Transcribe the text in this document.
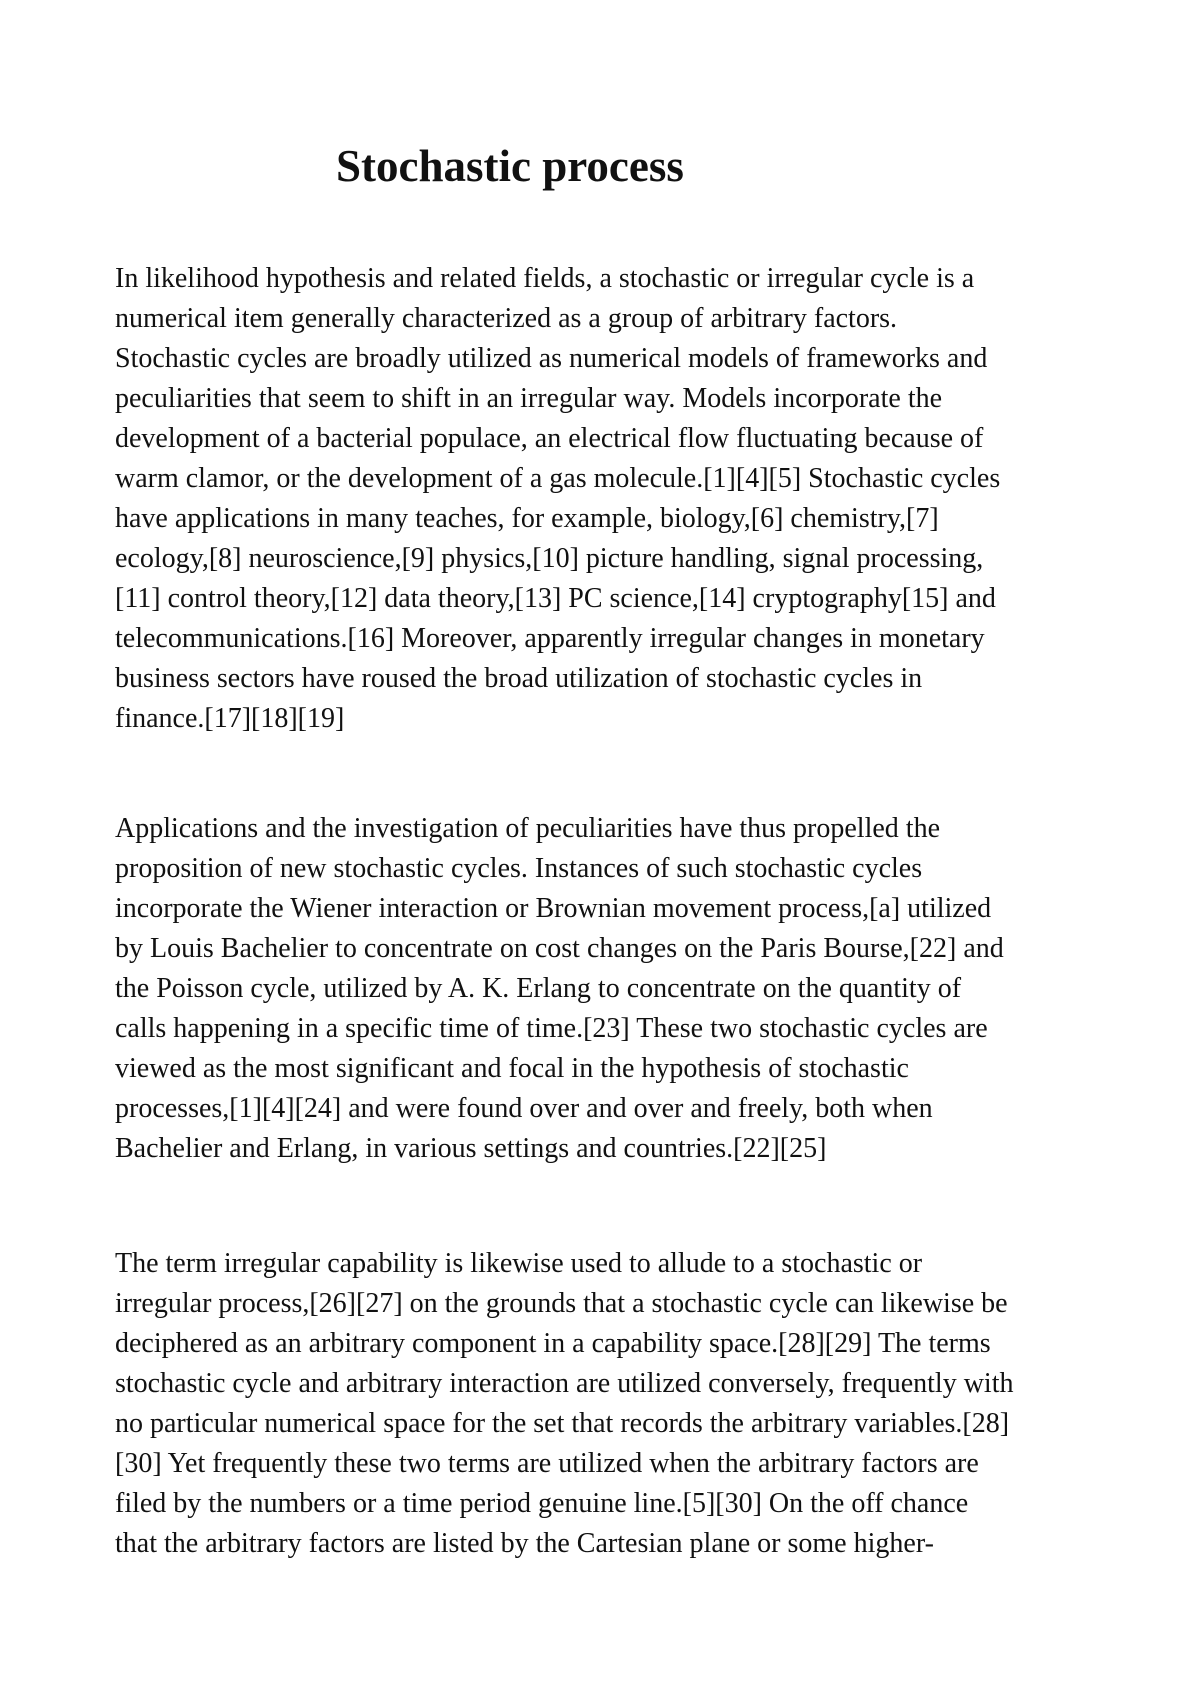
Stochastic process
In likelihood hypothesis and related fields, a stochastic or irregular cycle is a
numerical item generally characterized as a group of arbitrary factors.
Stochastic cycles are broadly utilized as numerical models of frameworks and
peculiarities that seem to shift in an irregular way. Models incorporate the
development of a bacterial populace, an electrical flow fluctuating because of
warm clamor, or the development of a gas molecule.[1][4][5] Stochastic cycles
have applications in many teaches, for example, biology,[6] chemistry,[7]
ecology,[8] neuroscience,[9] physics,[10] picture handling, signal processing,
[11] control theory,[12] data theory,[13] PC science,[14] cryptography[15] and
telecommunications.[16] Moreover, apparently irregular changes in monetary
business sectors have roused the broad utilization of stochastic cycles in
finance.[17][18][19]
Applications and the investigation of peculiarities have thus propelled the
proposition of new stochastic cycles. Instances of such stochastic cycles
incorporate the Wiener interaction or Brownian movement process,[a] utilized
by Louis Bachelier to concentrate on cost changes on the Paris Bourse,[22] and
the Poisson cycle, utilized by A. K. Erlang to concentrate on the quantity of
calls happening in a specific time of time.[23] These two stochastic cycles are
viewed as the most significant and focal in the hypothesis of stochastic
processes,[1][4][24] and were found over and over and freely, both when
Bachelier and Erlang, in various settings and countries.[22][25]
The term irregular capability is likewise used to allude to a stochastic or
irregular process,[26][27] on the grounds that a stochastic cycle can likewise be
deciphered as an arbitrary component in a capability space.[28][29] The terms
stochastic cycle and arbitrary interaction are utilized conversely, frequently with
no particular numerical space for the set that records the arbitrary variables.[28]
[30] Yet frequently these two terms are utilized when the arbitrary factors are
filed by the numbers or a time period genuine line.[5][30] On the off chance
that the arbitrary factors are listed by the Cartesian plane or some higher-
